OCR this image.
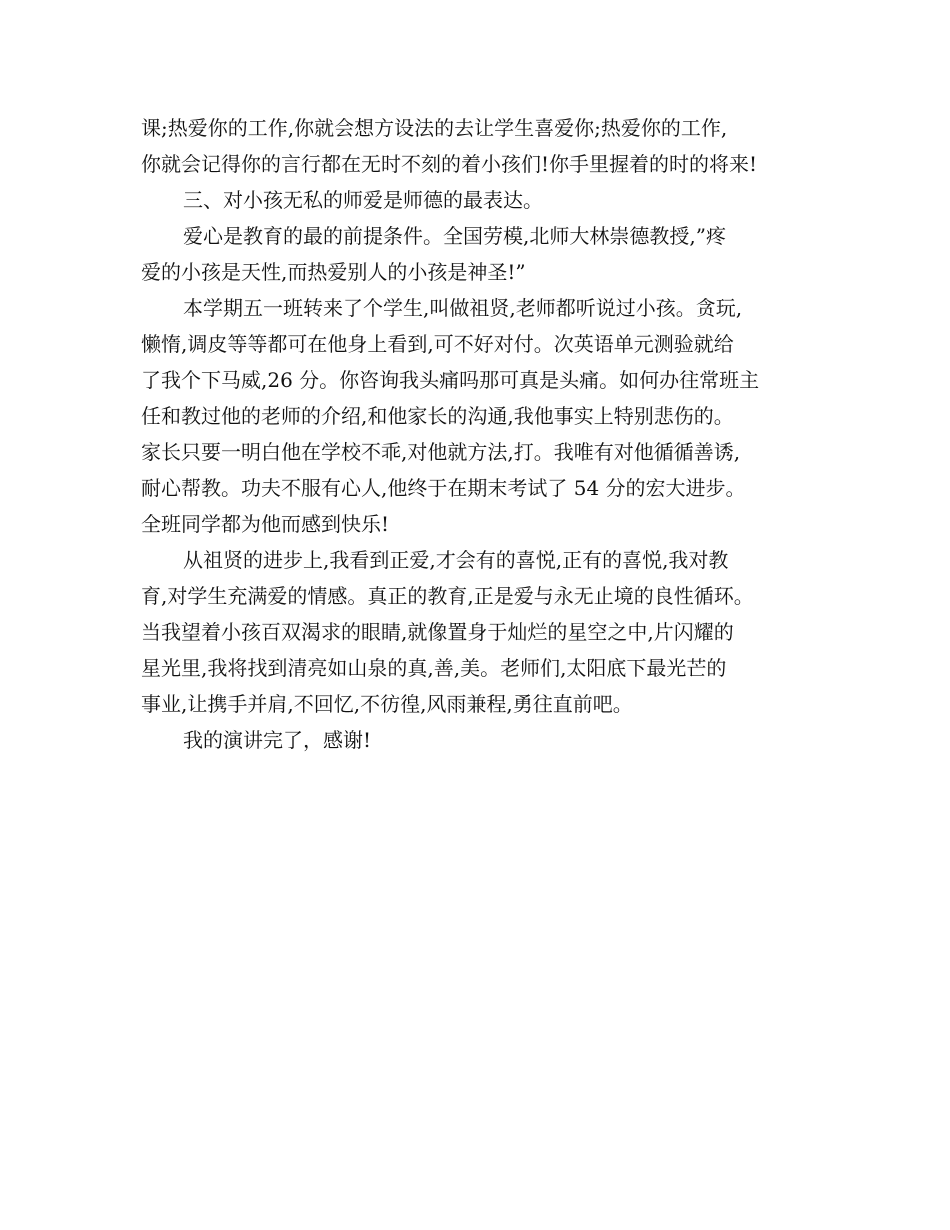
课;热爱你的工作,你就会想方设法的去让学生喜爱你;热爱你的工作,
你就会记得你的言行都在无时不刻的着小孩们!你手里握着的时的将来!
三、对小孩无私的师爱是师德的最表达。
爱心是教育的最的前提条件。全国劳模,北师大林崇德教授,”疼
爱的小孩是天性,而热爱别人的小孩是神圣!”
本学期五一班转来了个学生,叫做祖贤,老师都听说过小孩。贪玩,
懒惰,调皮等等都可在他身上看到,可不好对付。次英语单元测验就给
了我个下马威,26 分。你咨询我头痛吗那可真是头痛。如何办往常班主
任和教过他的老师的介绍,和他家长的沟通,我他事实上特别悲伤的。
家长只要一明白他在学校不乖,对他就方法,打。我唯有对他循循善诱,
耐心帮教。功夫不服有心人,他终于在期末考试了 54 分的宏大进步。
全班同学都为他而感到快乐!
从祖贤的进步上,我看到正爱,才会有的喜悦,正有的喜悦,我对教
育,对学生充满爱的情感。真正的教育,正是爱与永无止境的良性循环。
当我望着小孩百双渴求的眼睛,就像置身于灿烂的星空之中,片闪耀的
星光里,我将找到清亮如山泉的真,善,美。老师们,太阳底下最光芒的
事业,让携手并肩,不回忆,不彷徨,风雨兼程,勇往直前吧。
我的演讲完了，感谢!
